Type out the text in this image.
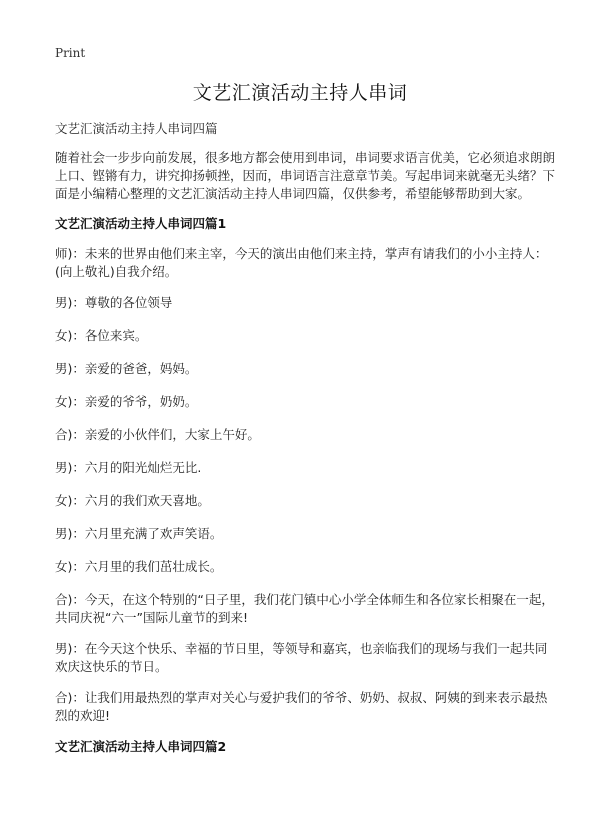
Print
文艺汇演活动主持人串词

文艺汇演活动主持人串词四篇

随着社会一步步向前发展，很多地方都会使用到串词，串词要求语言优美，它必须追求朗朗上口、铿锵有力，讲究抑扬顿挫，因而，串词语言注意章节美。写起串词来就毫无头绪？下面是小编精心整理的文艺汇演活动主持人串词四篇，仅供参考，希望能够帮助到大家。

文艺汇演活动主持人串词四篇1

师)：未来的世界由他们来主宰，今天的演出由他们来主持，掌声有请我们的小小主持人：(向上敬礼)自我介绍。

男)：尊敬的各位领导

女)：各位来宾。

男)：亲爱的爸爸，妈妈。

女)：亲爱的爷爷，奶奶。

合)：亲爱的小伙伴们，大家上午好。

男)：六月的阳光灿烂无比.

女)：六月的我们欢天喜地。

男)：六月里充满了欢声笑语。

女)：六月里的我们茁壮成长。

合)：今天，在这个特别的“日子里，我们花门镇中心小学全体师生和各位家长相聚在一起，共同庆祝“六一”国际儿童节的到来!

男)：在今天这个快乐、幸福的节日里，等领导和嘉宾，也亲临我们的现场与我们一起共同欢庆这快乐的节日。

合)：让我们用最热烈的掌声对关心与爱护我们的爷爷、奶奶、叔叔、阿姨的到来表示最热烈的欢迎!

文艺汇演活动主持人串词四篇2
